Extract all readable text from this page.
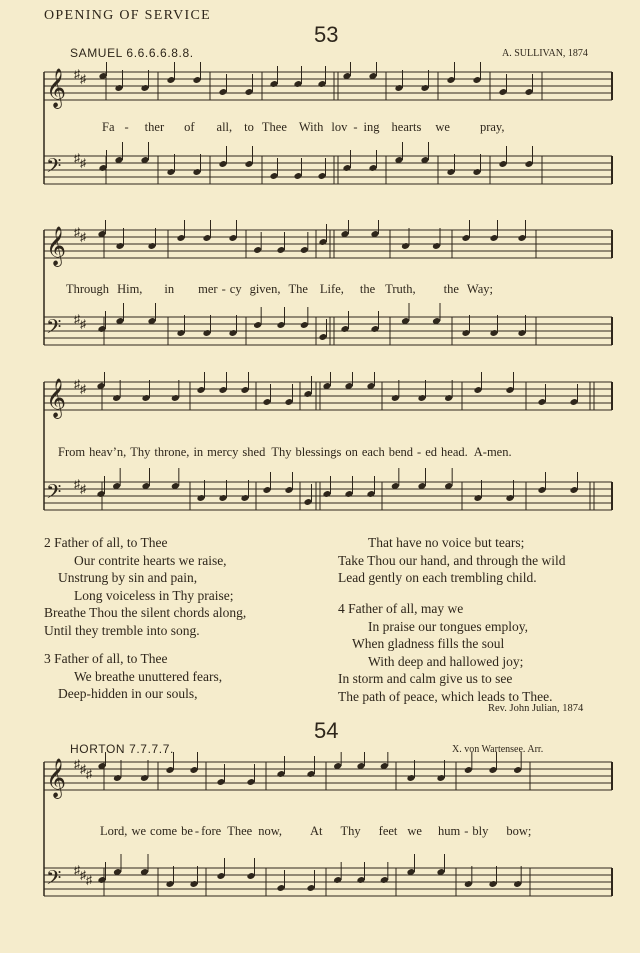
OPENING OF SERVICE
53
SAMUEL 6.6.6.6.8.8.	A. SULLIVAN, 1874
𝄞 ♯ ♯
𝄢 ♯ ♯
Fa - ther of all, to Thee With lov - ing hearts we pray,
𝄞 ♯ ♯
𝄢 ♯ ♯
Through Him, in mer - cy given, The Life, the Truth, the Way;
𝄞 ♯ ♯
𝄢 ♯ ♯
From heav’n, Thy throne, in mercy shed Thy blessings on each bend - ed head. A-men.
2 Father of all, to Thee
Our contrite hearts we raise,
Unstrung by sin and pain,
Long voiceless in Thy praise;
Breathe Thou the silent chords along,
Until they tremble into song.
3 Father of all, to Thee
We breathe unuttered fears,
Deep-hidden in our souls,
That have no voice but tears;
Take Thou our hand, and through the wild
Lead gently on each trembling child.
4 Father of all, may we
In praise our tongues employ,
When gladness fills the soul
With deep and hallowed joy;
In storm and calm give us to see
The path of peace, which leads to Thee.
Rev. John Julian, 1874
54
HORTON 7.7.7.7.	X. von Wartensee. Arr.
𝄞 ♯ ♯ ♯
𝄢 ♯ ♯ ♯
Lord, we come be - fore Thee now, At Thy feet we hum - bly bow;
